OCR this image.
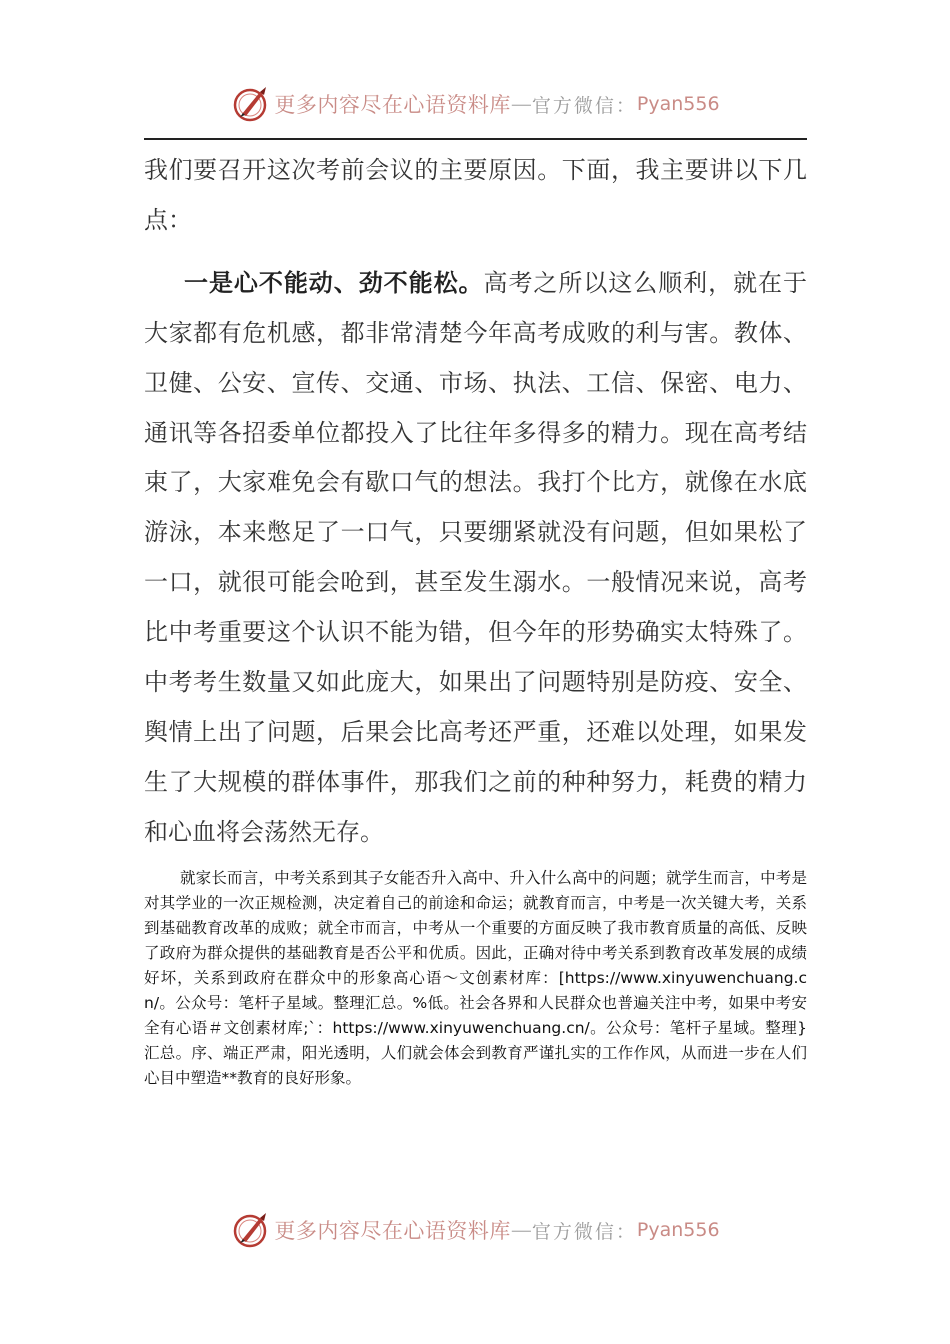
更多内容尽在心语资料库 — 官方微信： Pyan556

我们要召开这次考前会议的主要原因。下面，我主要讲以下几点：

一是心不能动、劲不能松。高考之所以这么顺利，就在于大家都有危机感，都非常清楚今年高考成败的利与害。教体、卫健、公安、宣传、交通、市场、执法、工信、保密、电力、通讯等各招委单位都投入了比往年多得多的精力。现在高考结束了，大家难免会有歇口气的想法。我打个比方，就像在水底游泳，本来憋足了一口气，只要绷紧就没有问题，但如果松了一口，就很可能会呛到，甚至发生溺水。一般情况来说，高考比中考重要这个认识不能为错，但今年的形势确实太特殊了。中考考生数量又如此庞大，如果出了问题特别是防疫、安全、舆情上出了问题，后果会比高考还严重，还难以处理，如果发生了大规模的群体事件，那我们之前的种种努力，耗费的精力和心血将会荡然无存。

就家长而言，中考关系到其子女能否升入高中、升入什么高中的问题；就学生而言，中考是对其学业的一次正规检测，决定着自己的前途和命运；就教育而言，中考是一次关键大考，关系到基础教育改革的成败；就全市而言，中考从一个重要的方面反映了我市教育质量的高低、反映了政府为群众提供的基础教育是否公平和优质。因此，正确对待中考关系到教育改革发展的成绩好坏，关系到政府在群众中的形象高心语～文创素材库：[https://www.xinyuwenchuang.cn/。公众号：笔杆子星域。整理汇总。%低。社会各界和人民群众也普遍关注中考，如果中考安全有心语＃文创素材库;`：https://www.xinyuwenchuang.cn/。公众号：笔杆子星域。整理}汇总。序、端正严肃，阳光透明，人们就会体会到教育严谨扎实的工作作风，从而进一步在人们心目中塑造**教育的良好形象。

更多内容尽在心语资料库 — 官方微信： Pyan556
